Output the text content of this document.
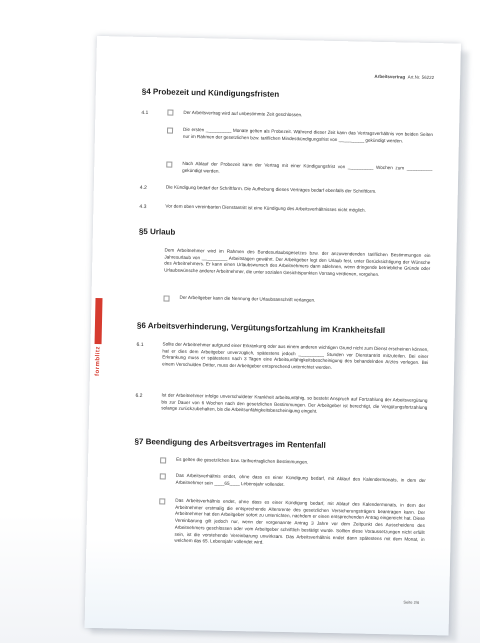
formblitz
Arbeitsvertrag Art.Nr. 56222
§4 Probezeit und Kündigungsfristen
4.1	Der Arbeitsvertrag wird auf unbestimmte Zeit geschlossen.
Die ersten __________ Monate gelten als Probezeit. Während dieser Zeit kann das Vertragsverhältnis von beiden Seiten nur im Rahmen der gesetzlichen bzw. tariflichen Mindestkündigungsfrist von __________ gekündigt werden.
Nach Ablauf der Probezeit kann der Vertrag mit einer Kündigungsfrist von __________ Wochen zum __________ gekündigt werden.
4.2	Die Kündigung bedarf der Schriftform. Die Aufhebung dieses Vertrages bedarf ebenfalls der Schriftform.
4.3	Vor dem oben vereinbarten Dienstantritt ist eine Kündigung des Arbeitsverhältnisses nicht möglich.
§5 Urlaub
Dem Arbeitnehmer wird im Rahmen des Bundesurlaubsgesetzes bzw. der anzuwendenden tariflichen Bestimmungen ein Jahresurlaub von __________ Arbeitstagen gewährt. Der Arbeitgeber legt den Urlaub fest, unter Berücksichtigung der Wünsche des Arbeitnehmers. Er kann einen Urlaubswunsch des Arbeitnehmers dann ablehnen, wenn dringende betriebliche Gründe oder Urlaubswünsche anderer Arbeitnehmer, die unter sozialen Gesichtspunkten Vorrang verdienen, vorgehen.
Der Arbeitgeber kann die Nennung der Urlaubsanschrift verlangen.
§6 Arbeitsverhinderung, Vergütungsfortzahlung im Krankheitsfall
6.1	Sollte der Arbeitnehmer aufgrund einer Erkrankung oder aus einem anderen wichtigen Grund nicht zum Dienst erscheinen können, hat er dies dem Arbeitgeber unverzüglich, spätestens jedoch __________ Stunden vor Dienstantritt mitzuteilen. Bei einer Erkrankung muss er spätestens nach 3 Tagen eine Arbeitsunfähigkeitsbescheinigung des behandelnden Arztes vorlegen. Bei einem Verschulden Dritter, muss der Arbeitgeber entsprechend unterrichtet werden.
6.2	Ist der Arbeitnehmer infolge unverschuldeter Krankheit arbeitsunfähig, so besteht Anspruch auf Fortzahlung der Arbeitsvergütung bis zur Dauer von 6 Wochen nach den gesetzlichen Bestimmungen. Der Arbeitgeber ist berechtigt, die Vergütungsfortzahlung solange zurückzubehalten, bis die Arbeitsunfähigkeitsbescheinigung eingeht.
§7 Beendigung des Arbeitsvertrages im Rentenfall
Es gelten die gesetzlichen bzw. tarifvertraglichen Bestimmungen.
Das Arbeitsverhältnis endet, ohne dass es einer Kündigung bedarf, mit Ablauf des Kalendermonats, in dem der Arbeitnehmer sein ____65____ Lebensjahr vollendet.
Das Arbeitsverhältnis endet, ohne dass es einer Kündigung bedarf, mit Ablauf des Kalendermonats, in dem der Arbeitnehmer erstmalig die entsprechende Altersrente des gesetzlichen Versicherungsträgers beantragen kann. Der Arbeitnehmer hat den Arbeitgeber sofort zu unterrichten, nachdem er einen entsprechenden Antrag eingereicht hat. Diese Vereinbarung gilt jedoch nur, wenn der vorgenannte Antrag 3 Jahre vor dem Zeitpunkt des Ausscheidens des Arbeitnehmers geschlossen oder vom Arbeitgeber schriftlich bestätigt wurde. Sollten diese Voraussetzungen nicht erfüllt sein, ist die vorstehende Vereinbarung unwirksam. Das Arbeitsverhältnis endet dann spätestens mit dem Monat, in welchem das 65. Lebensjahr vollendet wird.
Seite 2/6
